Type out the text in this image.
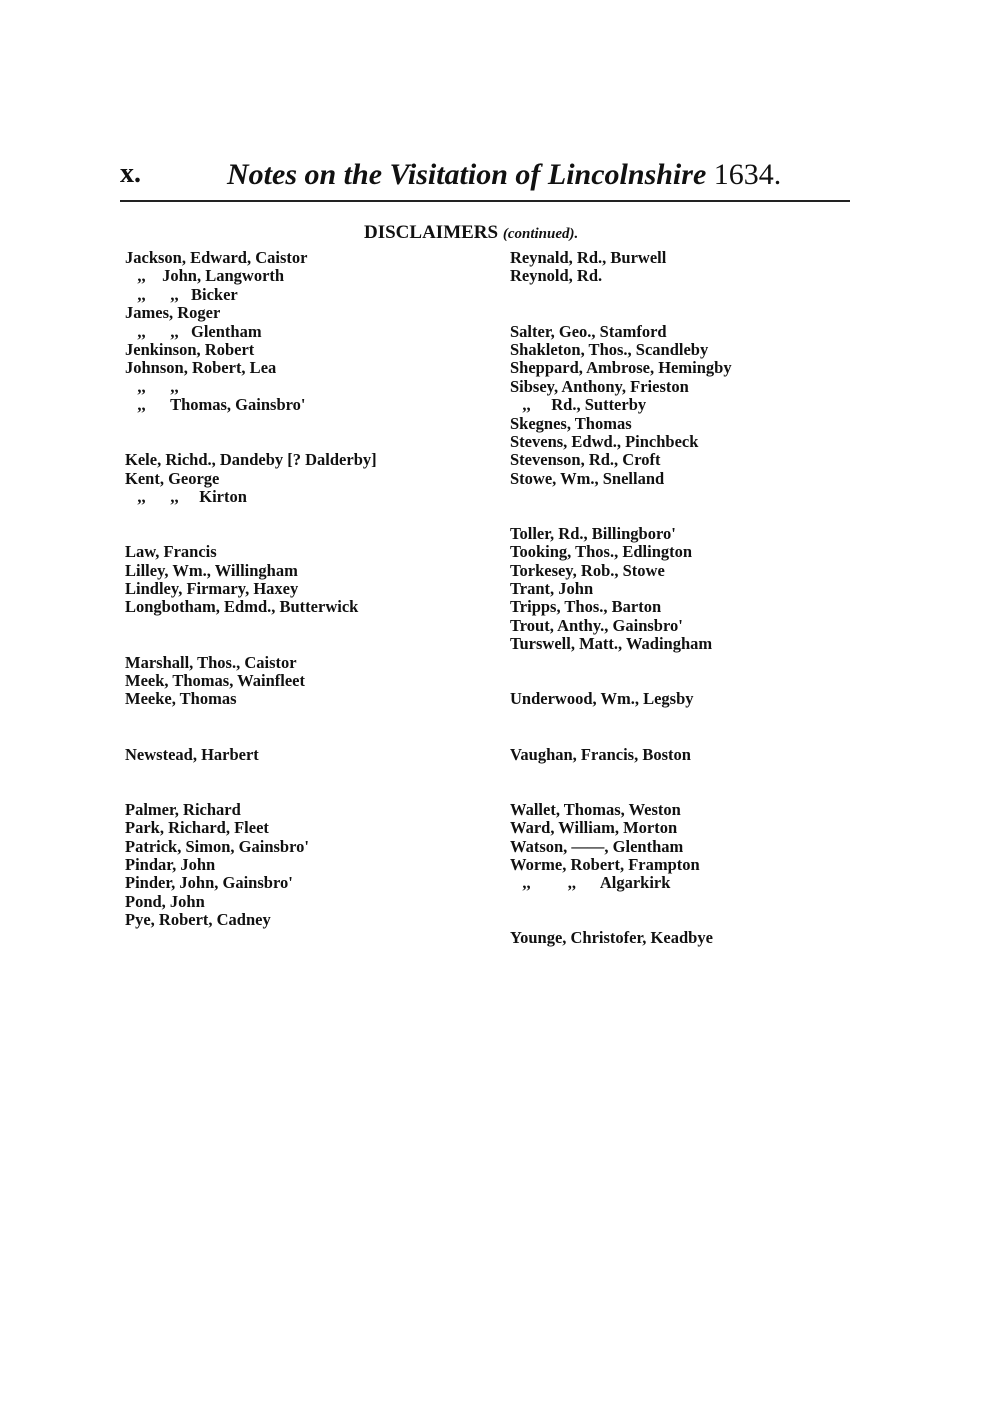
x.	Notes on the Visitation of Lincolnshire 1634.
DISCLAIMERS (continued).
Jackson, Edward, Caistor
,,    John, Langworth
,,      ,,   Bicker
James, Roger
,,      ,,   Glentham
Jenkinson, Robert
Johnson, Robert, Lea
,,      ,,
,,      Thomas, Gainsbro'
Kele, Richd., Dandeby [? Dalderby]
Kent, George
,,      ,,     Kirton
Law, Francis
Lilley, Wm., Willingham
Lindley, Firmary, Haxey
Longbotham, Edmd., Butterwick
Marshall, Thos., Caistor
Meek, Thomas, Wainfleet
Meeke, Thomas
Newstead, Harbert
Palmer, Richard
Park, Richard, Fleet
Patrick, Simon, Gainsbro'
Pindar, John
Pinder, John, Gainsbro'
Pond, John
Pye, Robert, Cadney
Reynald, Rd., Burwell
Reynold, Rd.
Salter, Geo., Stamford
Shakleton, Thos., Scandleby
Sheppard, Ambrose, Hemingby
Sibsey, Anthony, Frieston
,,     Rd., Sutterby
Skegnes, Thomas
Stevens, Edwd., Pinchbeck
Stevenson, Rd., Croft
Stowe, Wm., Snelland
Toller, Rd., Billingboro'
Tooking, Thos., Edlington
Torkesey, Rob., Stowe
Trant, John
Tripps, Thos., Barton
Trout, Anthy., Gainsbro'
Turswell, Matt., Wadingham
Underwood, Wm., Legsby
Vaughan, Francis, Boston
Wallet, Thomas, Weston
Ward, William, Morton
Watson, ——, Glentham
Worme, Robert, Frampton
,,         ,,      Algarkirk
Younge, Christofer, Keadbye
